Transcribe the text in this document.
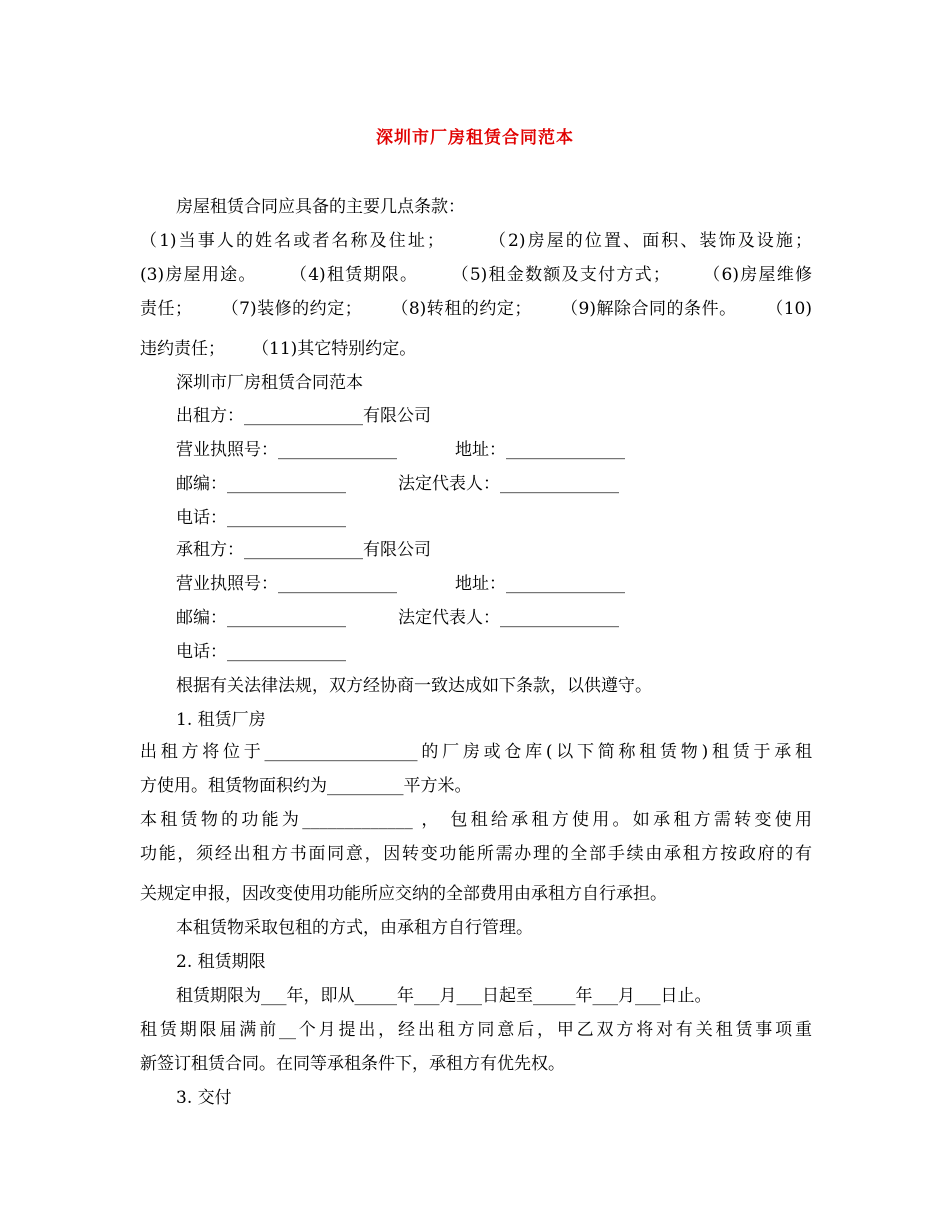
深圳市厂房租赁合同范本
房屋租赁合同应具备的主要几点条款：
（1)当事人的姓名或者名称及住址；      （2)房屋的位置、面积、装饰及设施；
(3)房屋用途。     （4)租赁期限。     （5)租金数额及支付方式；     （6)房屋维修
责任；     （7)装修的约定；     （8)转租的约定；     （9)解除合同的条件。     （10)
违约责任；     （11)其它特别约定。
深圳市厂房租赁合同范本
出租方：______________有限公司
营业执照号：______________	地址：______________
邮编：______________	法定代表人：______________
电话：______________
承租方：______________有限公司
营业执照号：______________	地址：______________
邮编：______________	法定代表人：______________
电话：______________
根据有关法律法规，双方经协商一致达成如下条款，以供遵守。
1. 租赁厂房
出租方将位于__________________的厂房或仓库(以下简称租赁物)租赁于承租
方使用。租赁物面积约为_________平方米。
本租赁物的功能为_____________ ， 包租给承租方使用。如承租方需转变使用
功能，须经出租方书面同意，因转变功能所需办理的全部手续由承租方按政府的有
关规定申报，因改变使用功能所应交纳的全部费用由承租方自行承担。
本租赁物采取包租的方式，由承租方自行管理。
2. 租赁期限
租赁期限为___年，即从_____年___月___日起至_____年___月___日止。
租赁期限届满前__个月提出，经出租方同意后，甲乙双方将对有关租赁事项重
新签订租赁合同。在同等承租条件下，承租方有优先权。
3. 交付
